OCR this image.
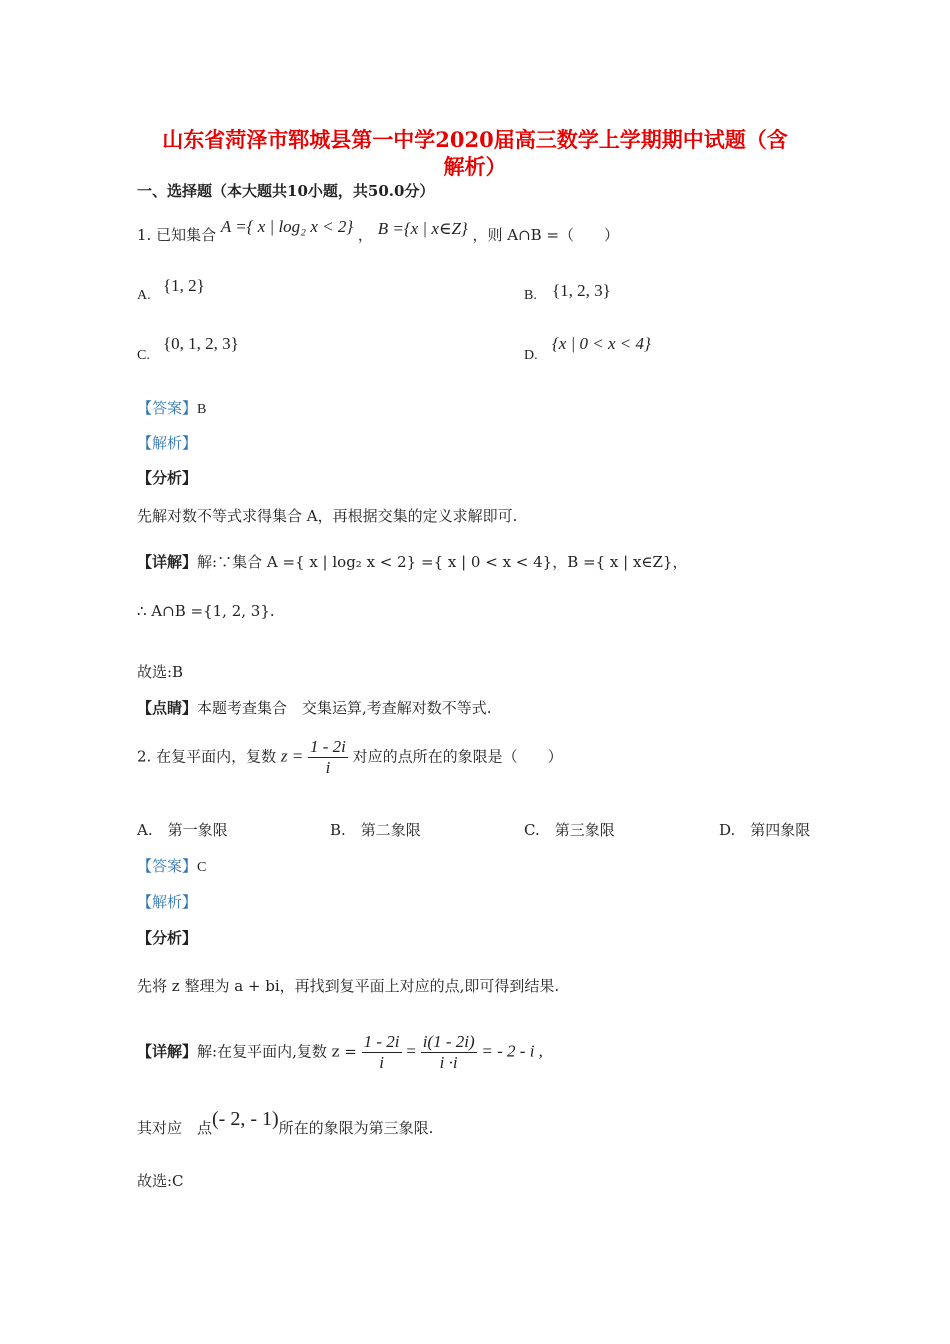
山东省菏泽市郓城县第一中学2020届高三数学上学期期中试题（含
解析）
一、选择题（本大题共10小题，共50.0分）
1. 已知集合 A ={ x | log₂ x < 2} ， B ={x | x∈Z} ，则 A∩B =（　　）
A.
{1, 2}
B. {1, 2, 3}
C.
{0, 1, 2, 3}
D.
{x | 0 < x < 4}
【答案】B
【解析】
【分析】
先解对数不等式求得集合 A，再根据交集的定义求解即可.
【详解】解:∵集合 A ={ x | log₂ x < 2} ={ x | 0 < x < 4}，B ={ x | x∈Z}，
∴ A∩B ={1, 2, 3}.
故选:B
【点睛】本题考查集合　交集运算,考查解对数不等式.
2. 在复平面内，复数 $z = \frac{1 - 2i}{i}$ 对应的点所在的象限是（　　）
A.　第一象限	B.　第二象限	C.　第三象限	D.　第四象限
【答案】C
【解析】
【分析】
先将 z 整理为 a + bi，再找到复平面上对应的点,即可得到结果.
【详解】解:在复平面内,复数 $z = \frac{1 - 2i}{i} = \frac{i(1 - 2i)}{i \cdot i}$ = - 2 - i ,
其对应　点(- 2, - 1)所在的象限为第三象限.
故选:C
